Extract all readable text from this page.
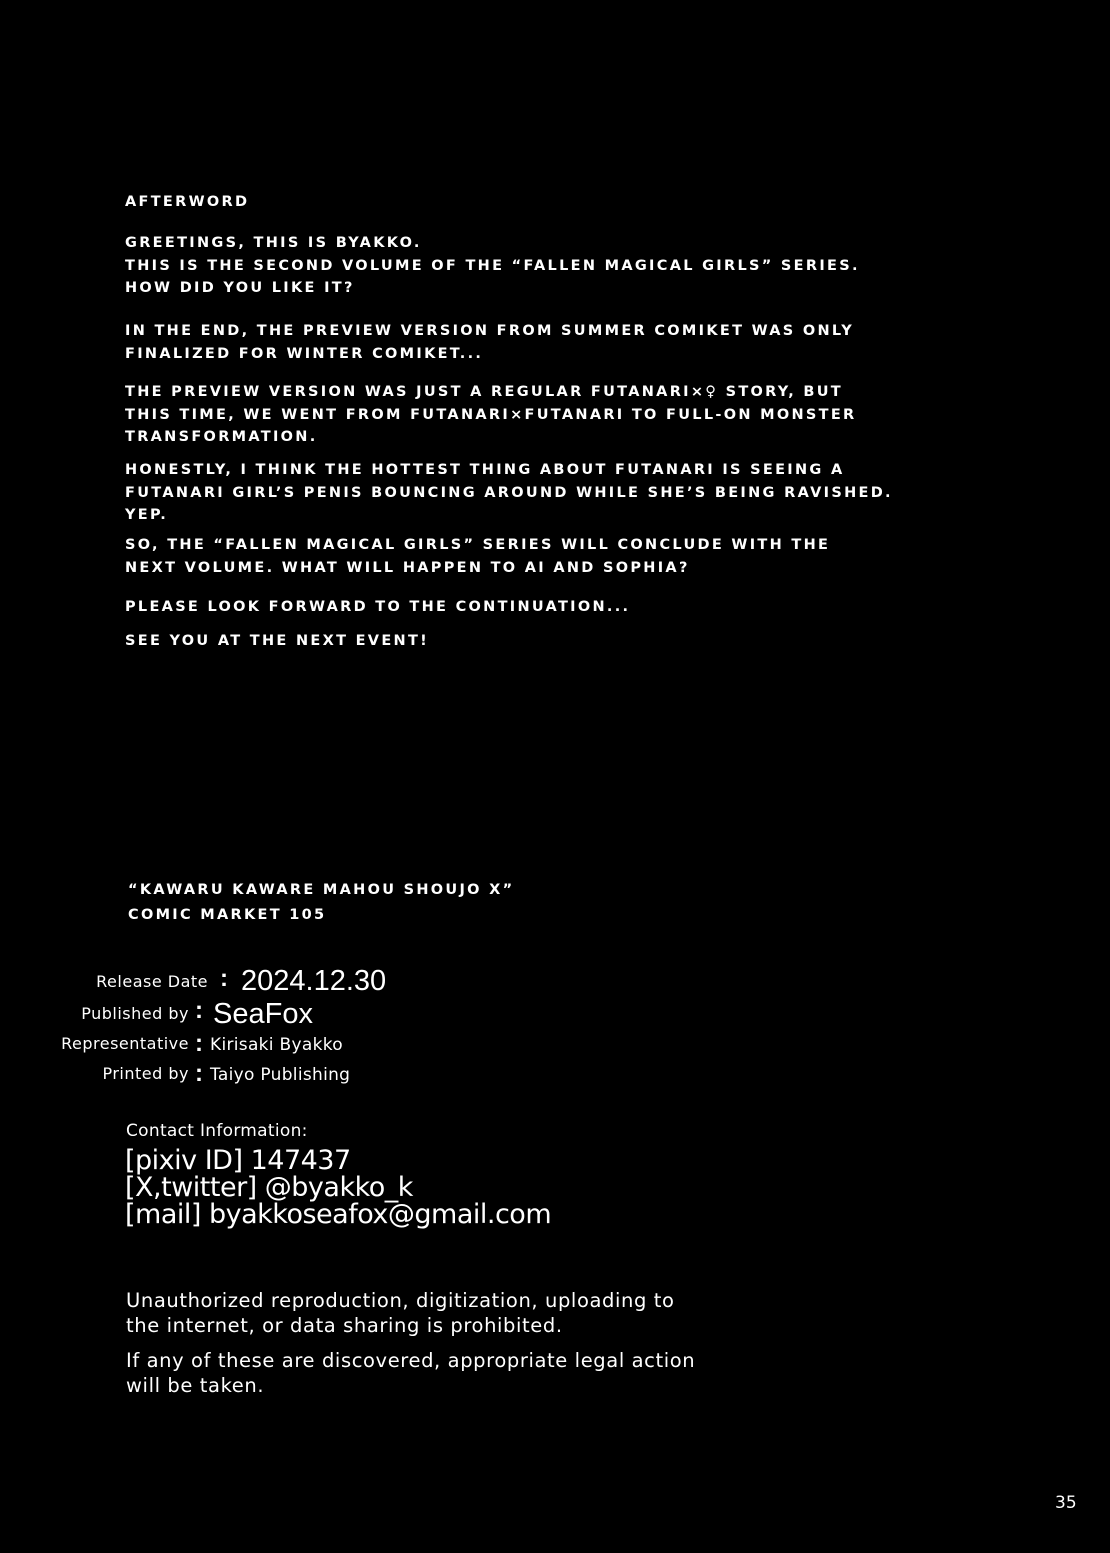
AFTERWORD

GREETINGS, THIS IS BYAKKO.

THIS IS THE SECOND VOLUME OF THE “FALLEN MAGICAL GIRLS” SERIES.

HOW DID YOU LIKE IT?

IN THE END, THE PREVIEW VERSION FROM SUMMER COMIKET WAS ONLY

FINALIZED FOR WINTER COMIKET...

THE PREVIEW VERSION WAS JUST A REGULAR FUTANARI×♀ STORY, BUT

THIS TIME, WE WENT FROM FUTANARI×FUTANARI TO FULL-ON MONSTER

TRANSFORMATION.

HONESTLY, I THINK THE HOTTEST THING ABOUT FUTANARI IS SEEING A

FUTANARI GIRL’S PENIS BOUNCING AROUND WHILE SHE’S BEING RAVISHED.

YEP.

SO, THE “FALLEN MAGICAL GIRLS” SERIES WILL CONCLUDE WITH THE

NEXT VOLUME. WHAT WILL HAPPEN TO AI AND SOPHIA?

PLEASE LOOK FORWARD TO THE CONTINUATION...

SEE YOU AT THE NEXT EVENT!

“KAWARU KAWARE MAHOU SHOUJO X”
COMIC MARKET 105
Release Date : 2024.12.30
Published by : SeaFox
Representative : Kirisaki Byakko
Printed by : Taiyo Publishing
Contact Information:
[pixiv ID] 147437
[X,twitter] @byakko_k
[mail] byakkoseafox@gmail.com

Unauthorized reproduction, digitization, uploading to

the internet, or data sharing is prohibited.

If any of these are discovered, appropriate legal action

will be taken.

35
